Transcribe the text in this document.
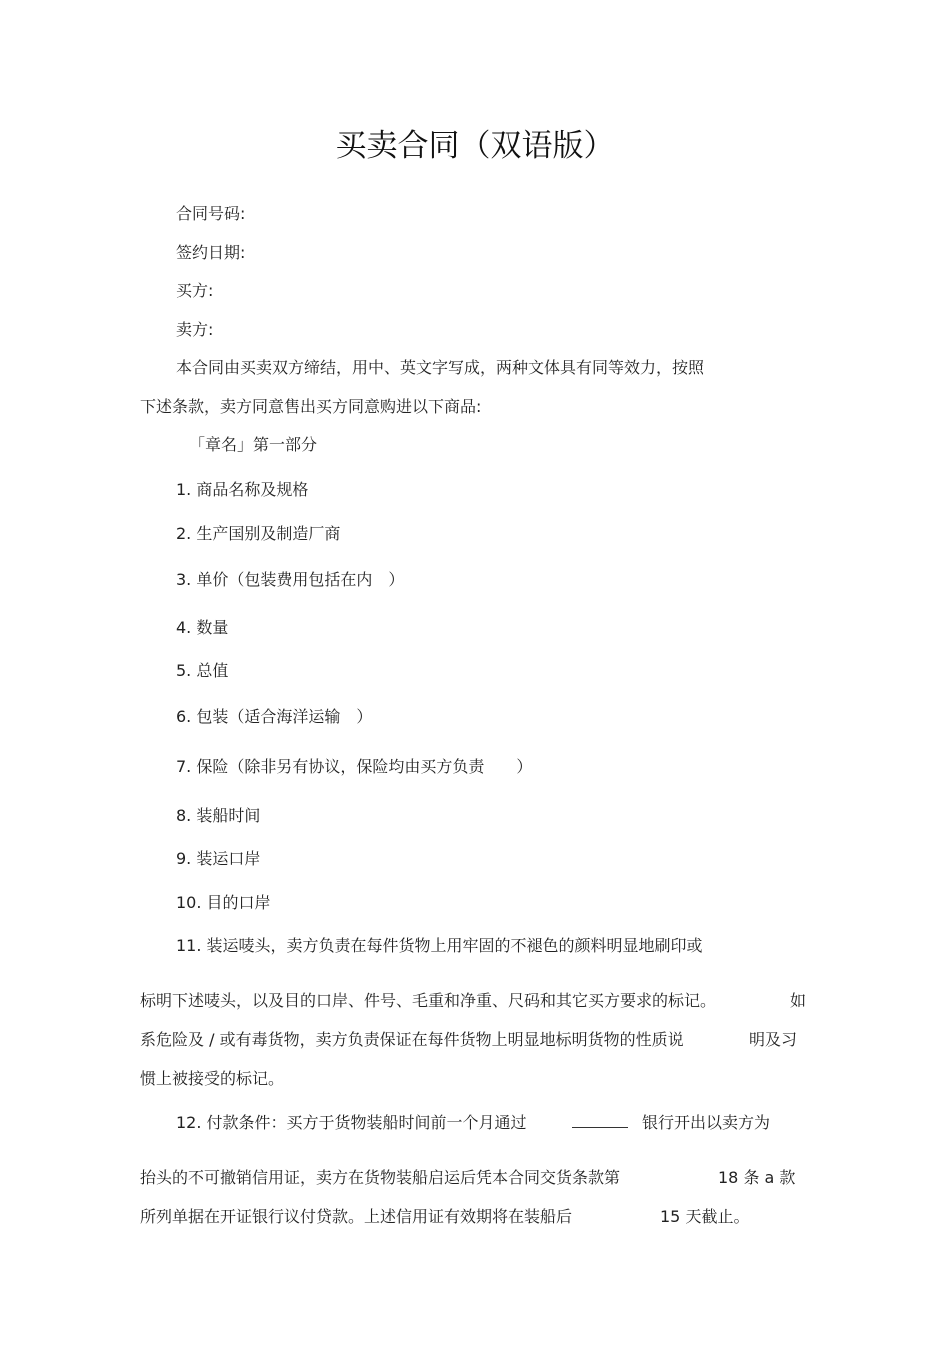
买卖合同（双语版）
合同号码:
签约日期:
买方:
卖方:
本合同由买卖双方缔结，用中、英文字写成，两种文体具有同等效力，按照
下述条款，卖方同意售出买方同意购进以下商品:
「章名」第一部分
1. 商品名称及规格
2. 生产国别及制造厂商
3. 单价（包装费用包括在内　）
4. 数量
5. 总值
6. 包装（适合海洋运输　）
7. 保险（除非另有协议，保险均由买方负责　　）
8. 装船时间
9. 装运口岸
10. 目的口岸
11. 装运唛头，卖方负责在每件货物上用牢固的不褪色的颜料明显地刷印或
标明下述唛头，以及目的口岸、件号、毛重和净重、尺码和其它买方要求的标记。	如
系危险及 / 或有毒货物，卖方负责保证在每件货物上明显地标明货物的性质说	明及习
惯上被接受的标记。
12. 付款条件：买方于货物装船时间前一个月通过	银行开出以卖方为
抬头的不可撤销信用证，卖方在货物装船启运后凭本合同交货条款第	18 条 a 款
所列单据在开证银行议付贷款。上述信用证有效期将在装船后	15 天截止。
